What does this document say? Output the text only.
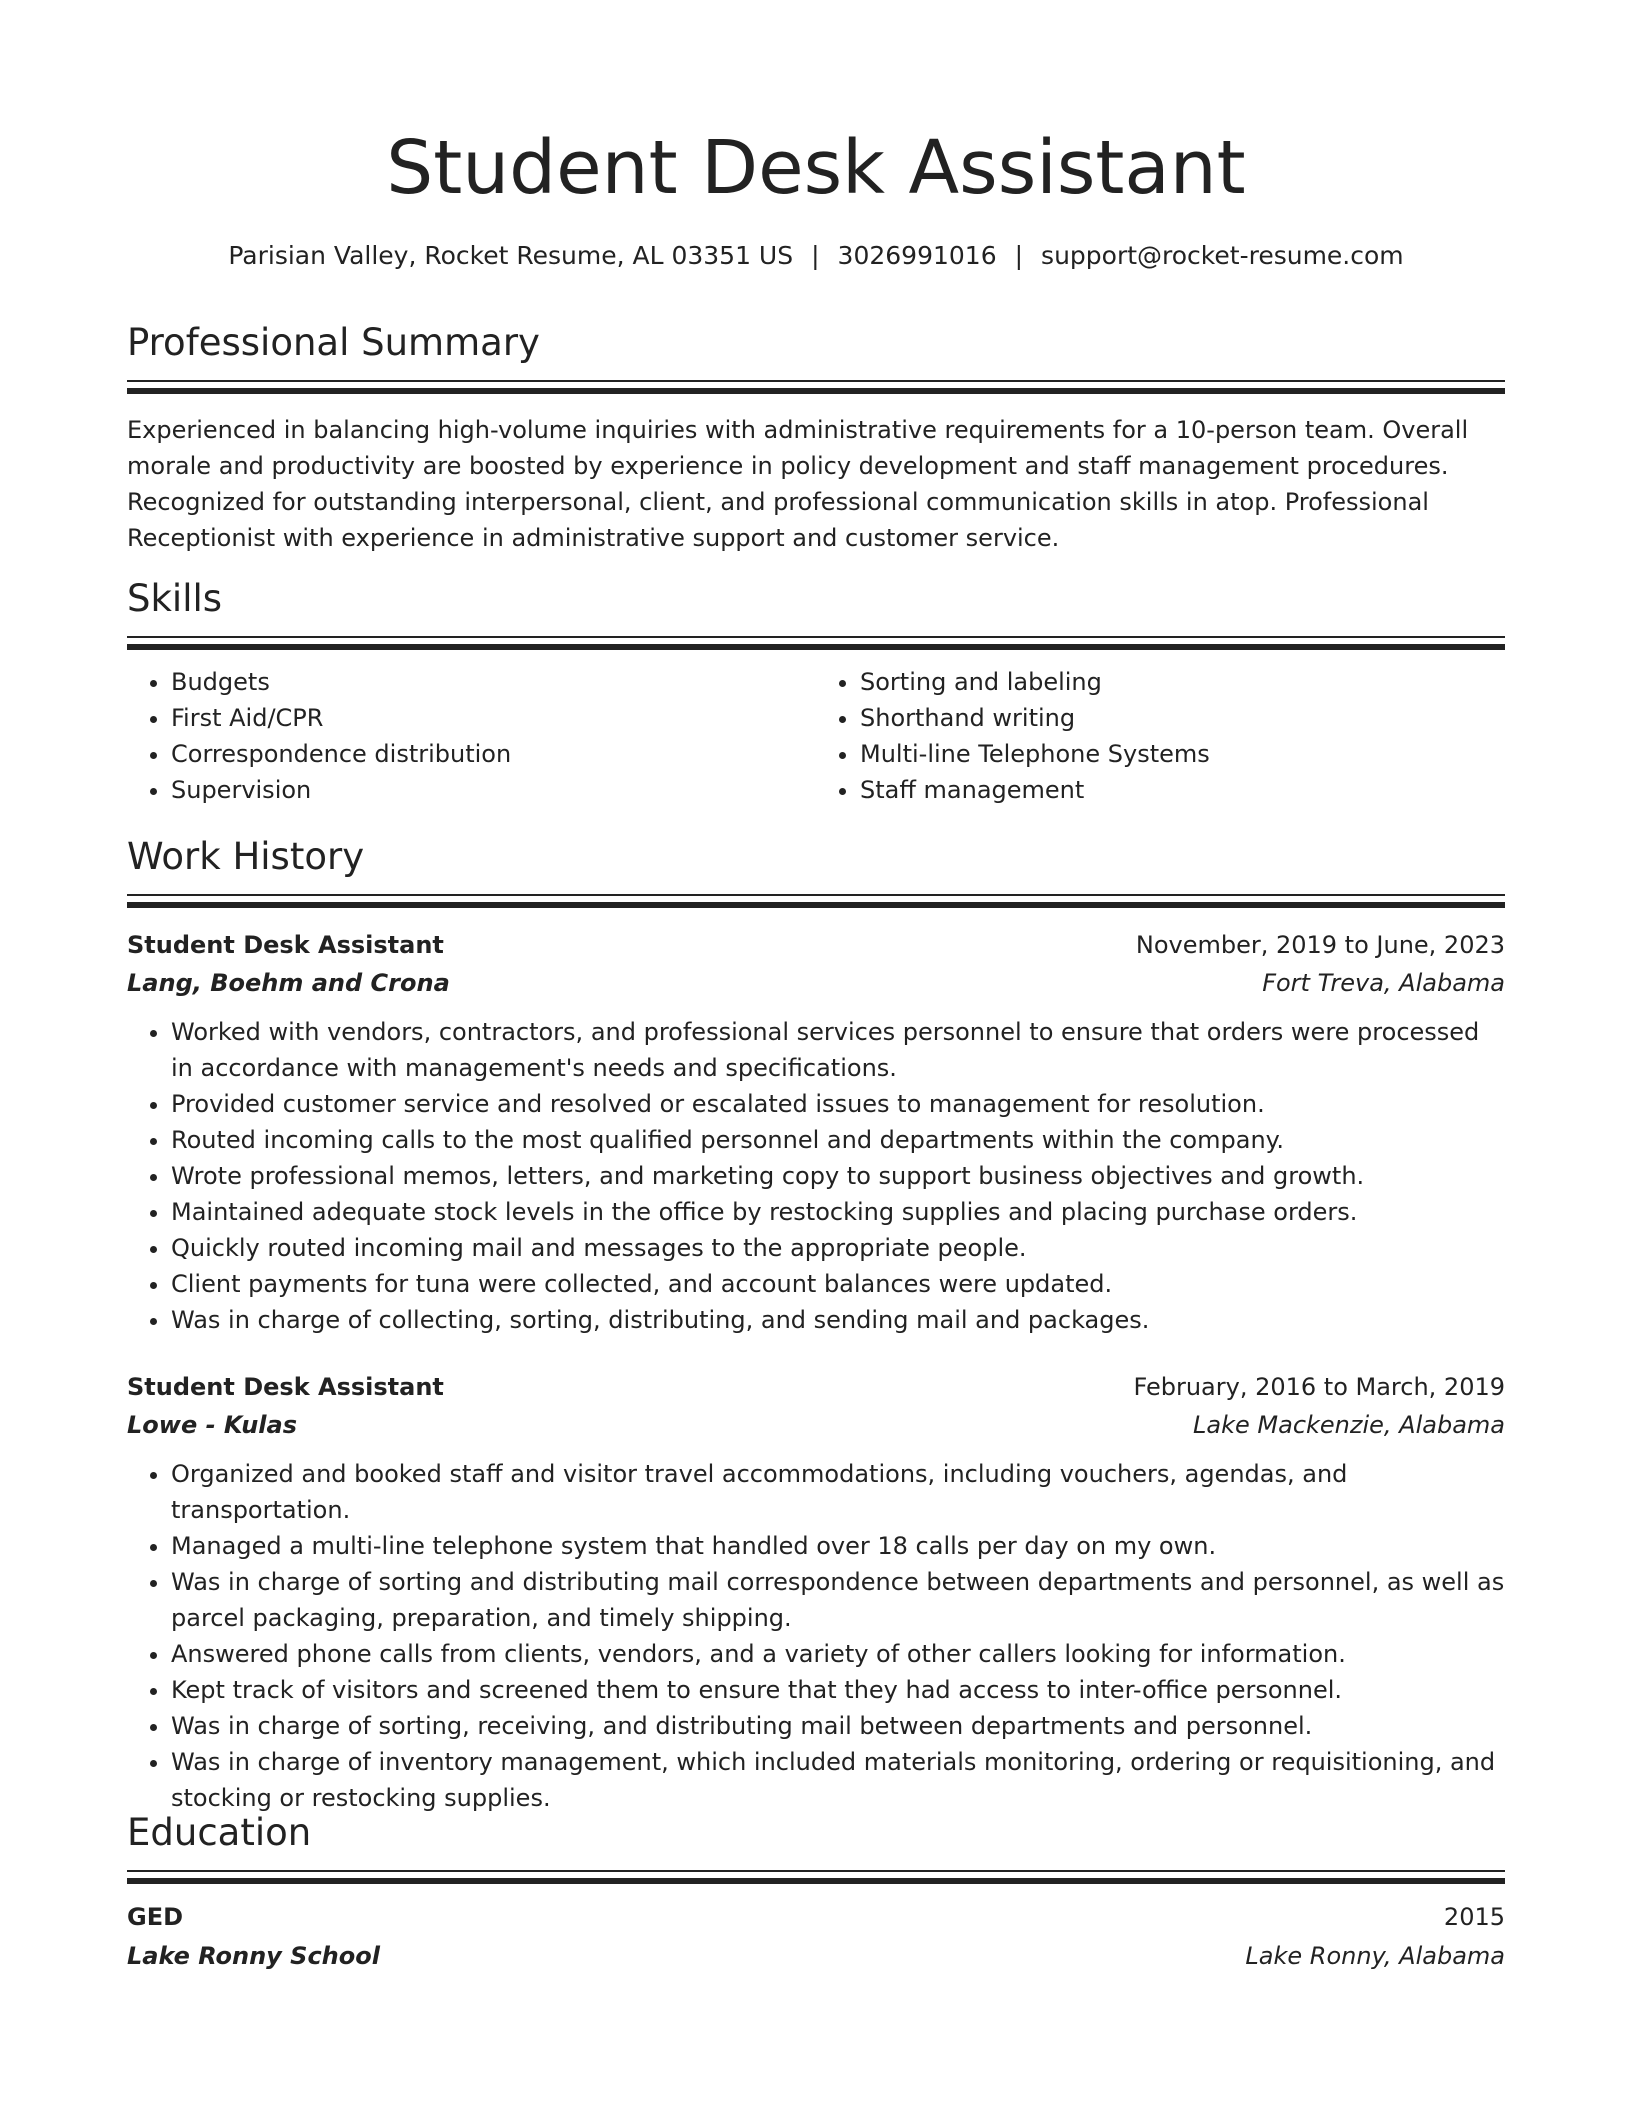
Student Desk Assistant
Parisian Valley, Rocket Resume, AL 03351 US | 3026991016 | support@rocket-resume.com
Professional Summary

Experienced in balancing high-volume inquiries with administrative requirements for a 10-person team. Overall morale and productivity are boosted by experience in policy development and staff management procedures. Recognized for outstanding interpersonal, client, and professional communication skills in atop. Professional Receptionist with experience in administrative support and customer service.

Skills
• Budgets
• First Aid/CPR
• Correspondence distribution
• Supervision
• Sorting and labeling
• Shorthand writing
• Multi-line Telephone Systems
• Staff management
Work History
Student Desk Assistant	November, 2019 to June, 2023
Lang, Boehm and Crona	Fort Treva, Alabama
• Worked with vendors, contractors, and professional services personnel to ensure that orders were processed in accordance with management's needs and specifications.
• Provided customer service and resolved or escalated issues to management for resolution.
• Routed incoming calls to the most qualified personnel and departments within the company.
• Wrote professional memos, letters, and marketing copy to support business objectives and growth.
• Maintained adequate stock levels in the office by restocking supplies and placing purchase orders.
• Quickly routed incoming mail and messages to the appropriate people.
• Client payments for tuna were collected, and account balances were updated.
• Was in charge of collecting, sorting, distributing, and sending mail and packages.
Student Desk Assistant	February, 2016 to March, 2019
Lowe - Kulas	Lake Mackenzie, Alabama
• Organized and booked staff and visitor travel accommodations, including vouchers, agendas, and transportation.
• Managed a multi-line telephone system that handled over 18 calls per day on my own.
• Was in charge of sorting and distributing mail correspondence between departments and personnel, as well as parcel packaging, preparation, and timely shipping.
• Answered phone calls from clients, vendors, and a variety of other callers looking for information.
• Kept track of visitors and screened them to ensure that they had access to inter-office personnel.
• Was in charge of sorting, receiving, and distributing mail between departments and personnel.
• Was in charge of inventory management, which included materials monitoring, ordering or requisitioning, and stocking or restocking supplies.
Education
GED	2015
Lake Ronny School	Lake Ronny, Alabama
